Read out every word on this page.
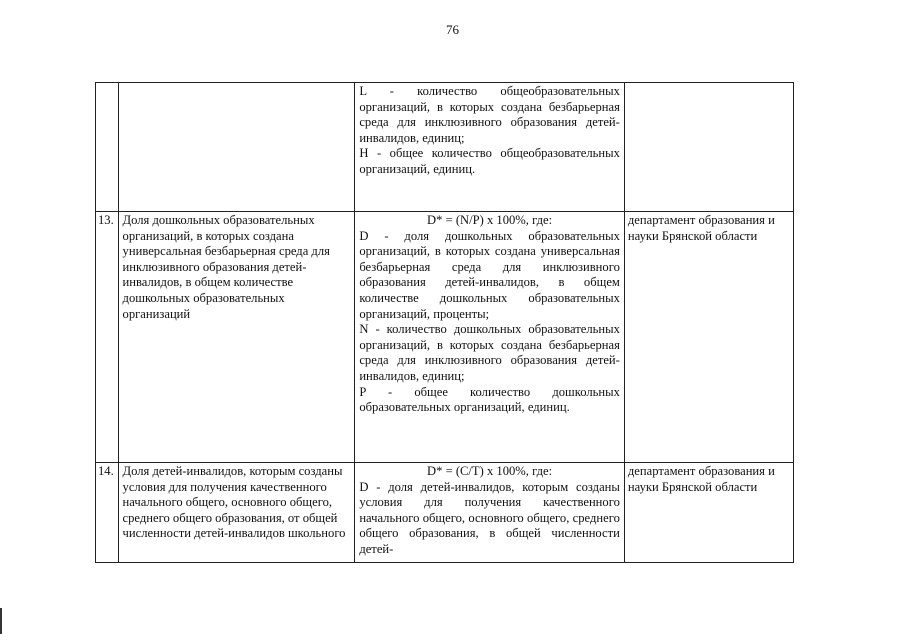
76

		L - количество общеобразовательных организаций, в которых создана безбарьерная среда для инклюзивного образования детей-инвалидов, единиц;

H - общее количество общеобразовательных организаций, единиц.	

13.	Доля дошкольных образовательных организаций, в которых создана универсальная безбарьерная среда для инклюзивного образования детей-инвалидов, в общем количестве дошкольных образовательных организаций	D* = (N/P) х 100%, где:

D - доля дошкольных образовательных организаций, в которых создана универсальная безбарьерная среда для инклюзивного образования детей-инвалидов, в общем количестве дошкольных образовательных организаций, проценты;

N - количество дошкольных образовательных организаций, в которых создана безбарьерная среда для инклюзивного образования детей-инвалидов, единиц;

P - общее количество дошкольных образовательных организаций, единиц.	департамент образования и науки Брянской области
14.	Доля детей-инвалидов, которым созданы условия для получения качественного начального общего, основного общего, среднего общего образования, от общей численности детей-инвалидов школьного	D* = (C/T) х 100%, где:

D - доля детей-инвалидов, которым созданы условия для получения качественного начального общего, основного общего, среднего общего образования, в общей численности детей-	департамент образования и науки Брянской области
